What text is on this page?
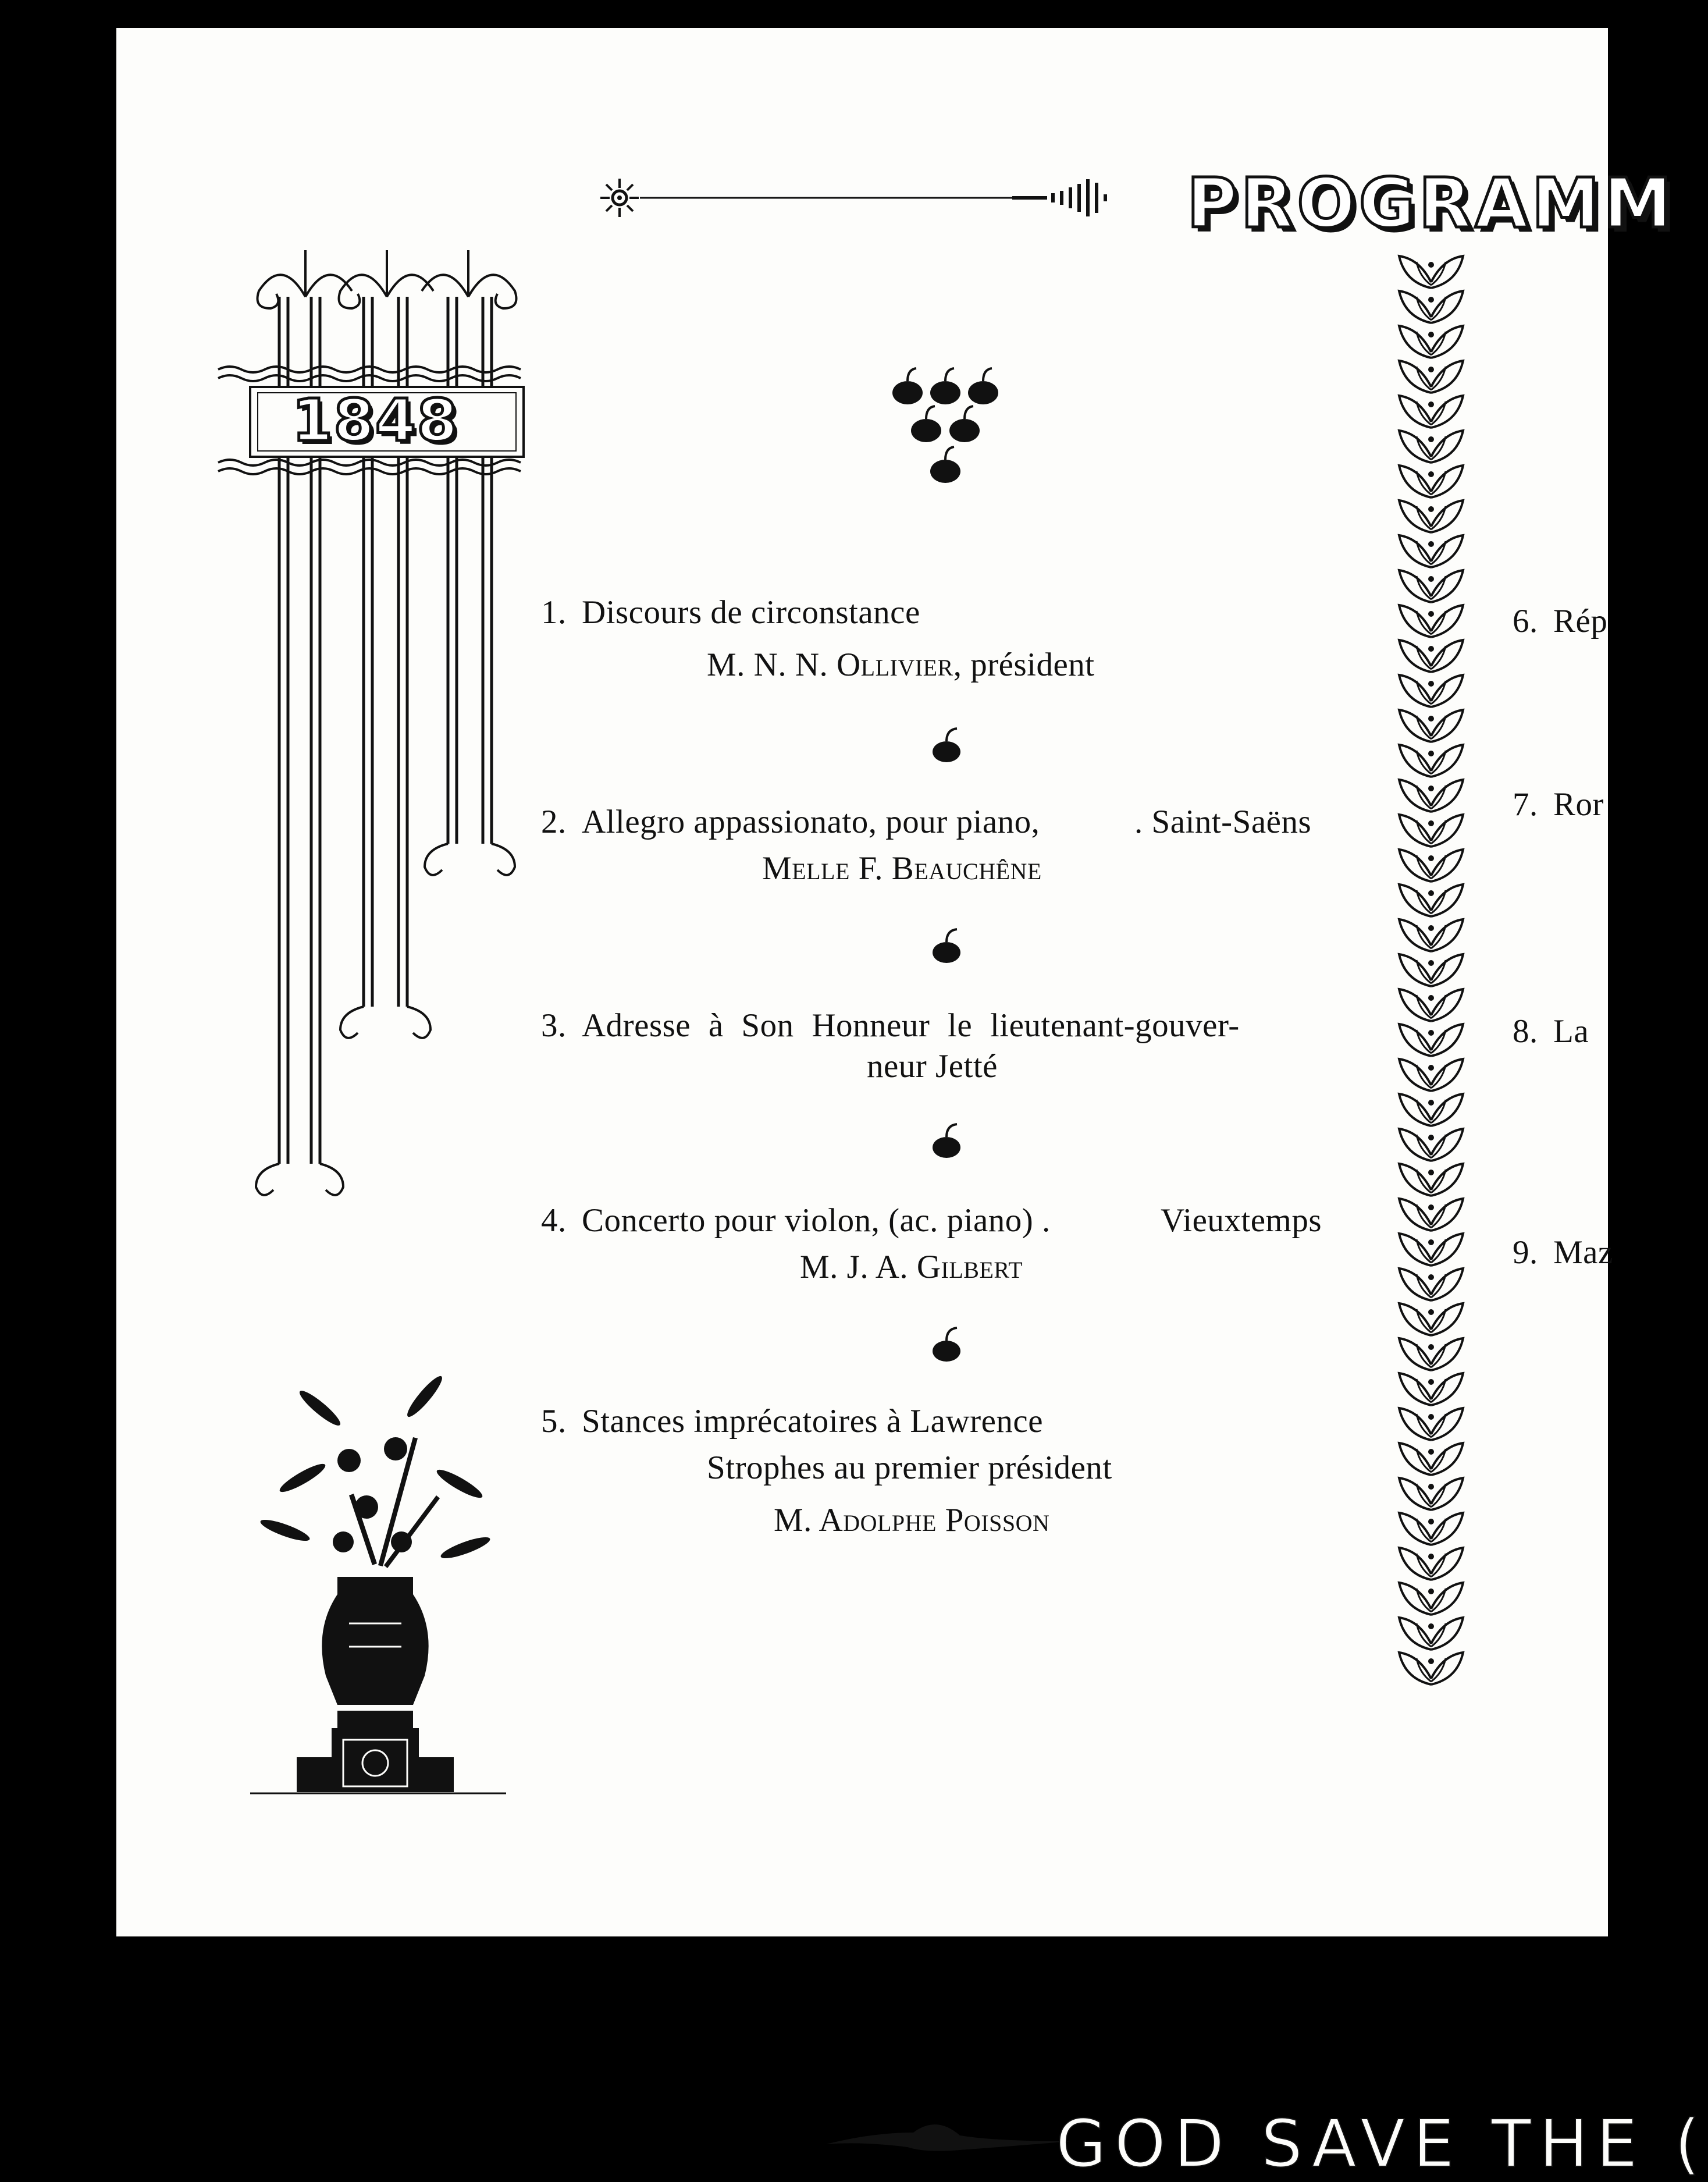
PROGRAMM
1848
1. Discours de circonstance
M. N. N. Ollivier, président
2. Allegro appassionato, pour piano,	. Saint-Saëns
Melle F. Beauchêne
3. Adresse à Son Honneur le lieutenant-gouver-
neur Jetté
4. Concerto pour violon, (ac. piano) .	Vieuxtemps
M. J. A. Gilbert
5. Stances imprécatoires à Lawrence
Strophes au premier président
M. Adolphe Poisson
6. Rép
7. Ror
8. La
9. Maz
GOD SAVE THE (
